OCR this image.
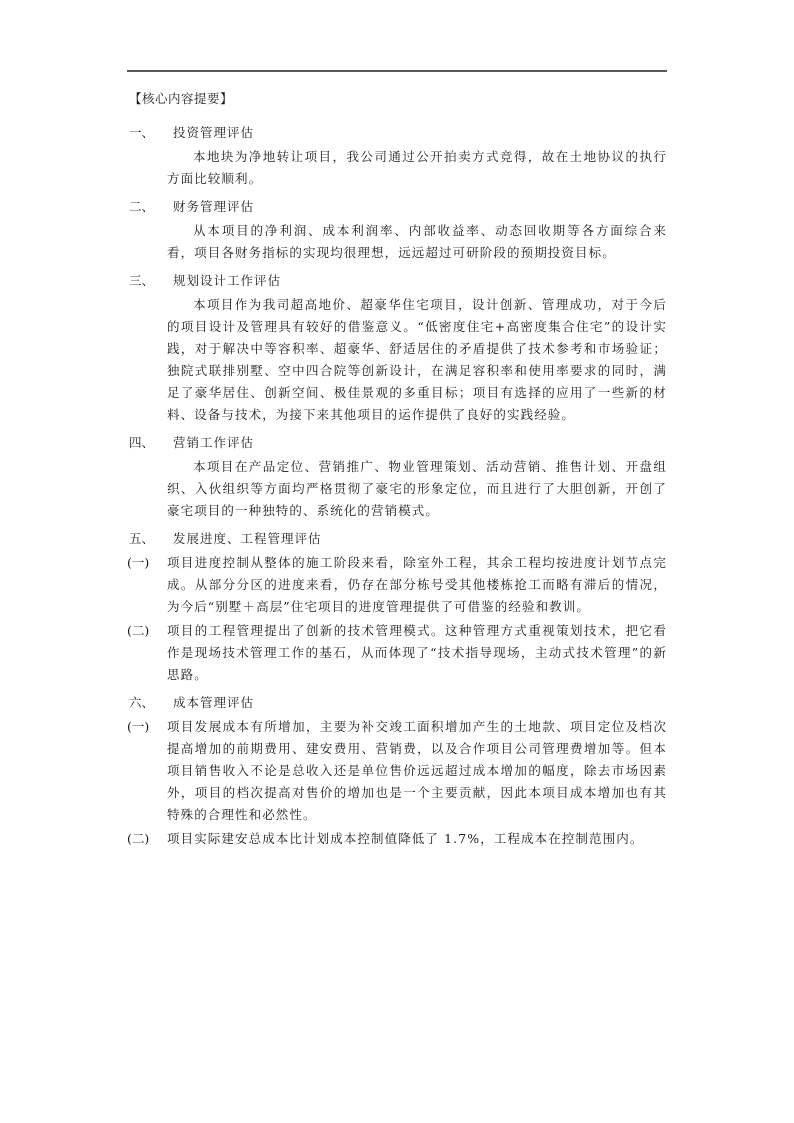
【核心内容提要】
一、	投资管理评估

本地块为净地转让项目，我公司通过公开拍卖方式竞得，故在土地协议的执行方面比较顺利。

二、	财务管理评估

从本项目的净利润、成本利润率、内部收益率、动态回收期等各方面综合来看，项目各财务指标的实现均很理想，远远超过可研阶段的预期投资目标。

三、	规划设计工作评估

本项目作为我司超高地价、超豪华住宅项目，设计创新、管理成功，对于今后的项目设计及管理具有较好的借鉴意义。“低密度住宅+高密度集合住宅”的设计实践，对于解决中等容积率、超豪华、舒适居住的矛盾提供了技术参考和市场验证；独院式联排别墅、空中四合院等创新设计，在满足容积率和使用率要求的同时，满足了豪华居住、创新空间、极佳景观的多重目标；项目有选择的应用了一些新的材料、设备与技术，为接下来其他项目的运作提供了良好的实践经验。

四、	营销工作评估

本项目在产品定位、营销推广、物业管理策划、活动营销、推售计划、开盘组织、入伙组织等方面均严格贯彻了豪宅的形象定位，而且进行了大胆创新，开创了豪宅项目的一种独特的、系统化的营销模式。

五、	发展进度、工程管理评估
(一)	项目进度控制从整体的施工阶段来看，除室外工程，其余工程均按进度计划节点完成。从部分分区的进度来看，仍存在部分栋号受其他楼栋抢工而略有滞后的情况，为今后“别墅＋高层”住宅项目的进度管理提供了可借鉴的经验和教训。
(二)	项目的工程管理提出了创新的技术管理模式。这种管理方式重视策划技术，把它看作是现场技术管理工作的基石，从而体现了“技术指导现场，主动式技术管理”的新思路。
六、	成本管理评估
(一)	项目发展成本有所增加，主要为补交竣工面积增加产生的土地款、项目定位及档次提高增加的前期费用、建安费用、营销费，以及合作项目公司管理费增加等。但本项目销售收入不论是总收入还是单位售价远远超过成本增加的幅度，除去市场因素外，项目的档次提高对售价的增加也是一个主要贡献，因此本项目成本增加也有其特殊的合理性和必然性。
(二)	项目实际建安总成本比计划成本控制值降低了 1.7%，工程成本在控制范围内。
